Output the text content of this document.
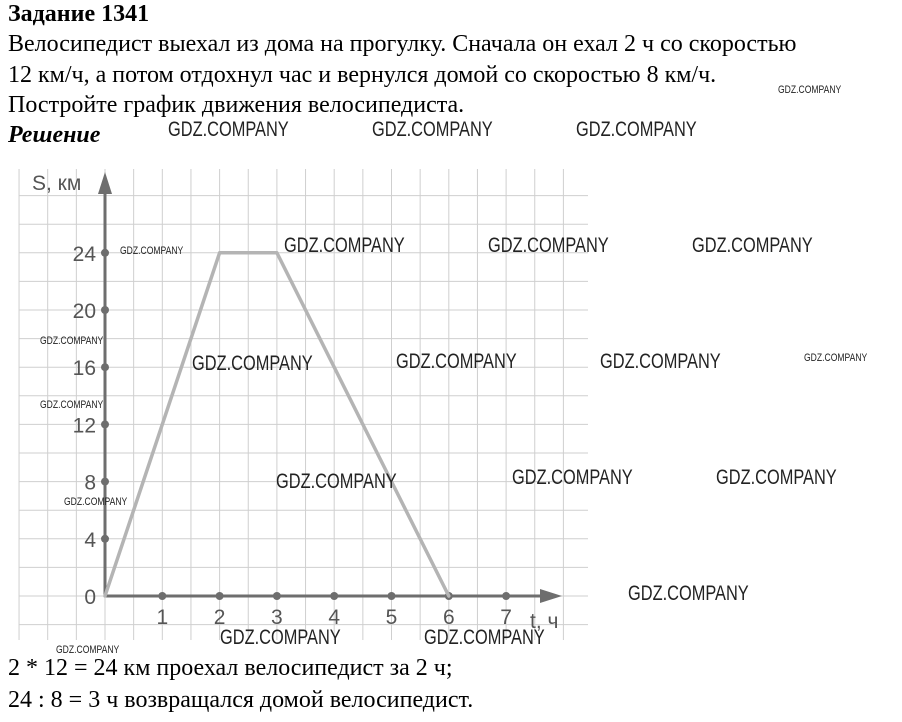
Задание 1341
Велосипедист выехал из дома на прогулку. Сначала он ехал 2 ч со скоростью
12 км/ч, а потом отдохнул час и вернулся домой со скоростью 8 км/ч.
Постройте график движения велосипедиста.
Решение
1 2 3 4 5 6 7
0
4
8
12
16
20
24
S, км
t, ч
2 * 12 = 24 км проехал велосипедист за 2 ч;
24 : 8 = 3 ч возвращался домой велосипедист.
GDZ.COMPANY
GDZ.COMPANY	GDZ.COMPANY	GDZ.COMPANY
GDZ.COMPANY	GDZ.COMPANY	GDZ.COMPANY	GDZ.COMPANY
GDZ.COMPANY
GDZ.COMPANY	GDZ.COMPANY	GDZ.COMPANY	GDZ.COMPANY
GDZ.COMPANY
GDZ.COMPANY	GDZ.COMPANY	GDZ.COMPANY
GDZ.COMPANY
GDZ.COMPANY
GDZ.COMPANY	GDZ.COMPANY
GDZ.COMPANY
